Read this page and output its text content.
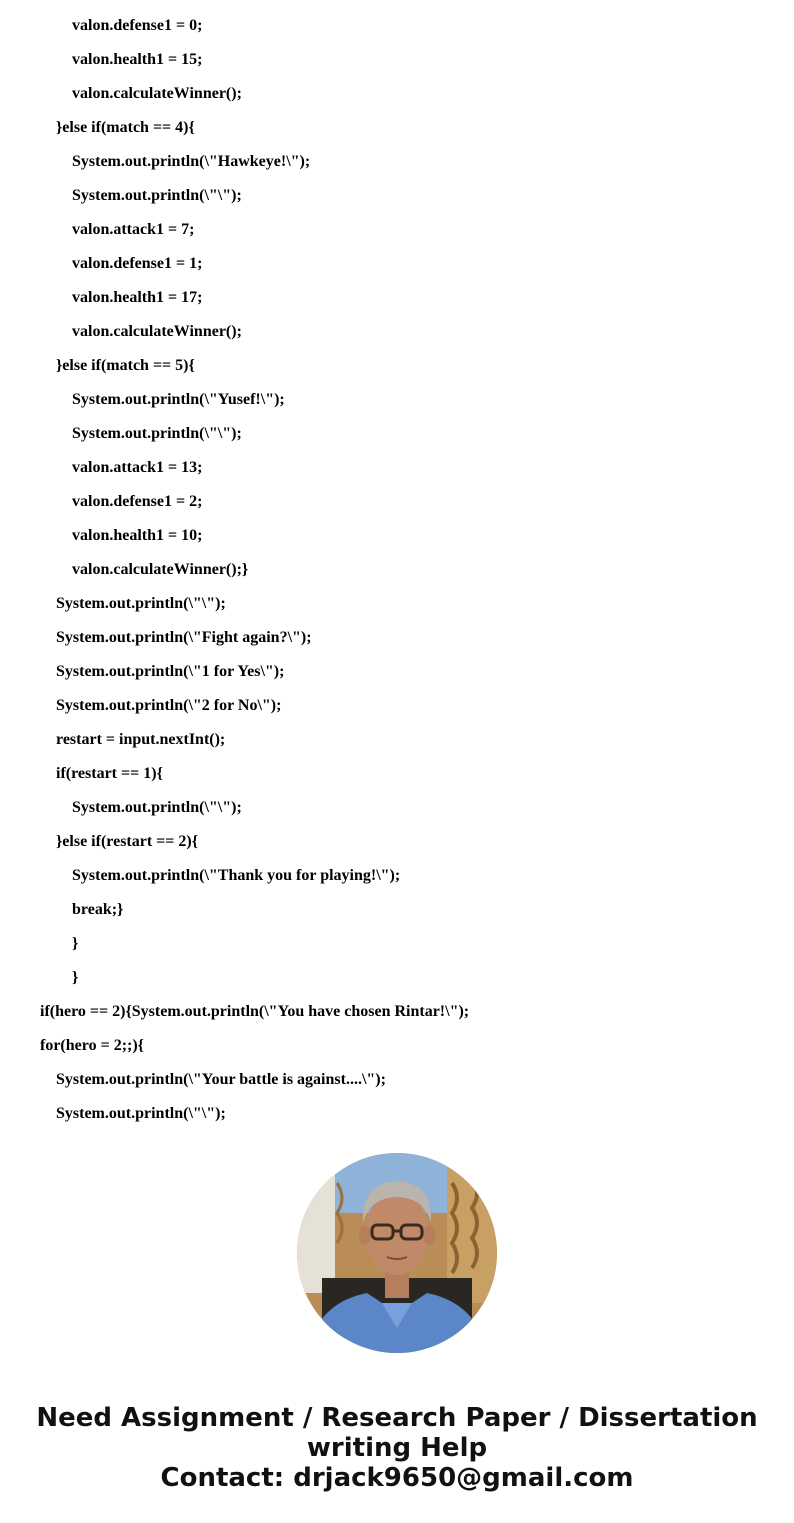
valon.defense1 = 0;
valon.health1 = 15;
valon.calculateWinner();
}else if(match == 4){
System.out.println(\"Hawkeye!\");
System.out.println(\"\");
valon.attack1 = 7;
valon.defense1 = 1;
valon.health1 = 17;
valon.calculateWinner();
}else if(match == 5){
System.out.println(\"Yusef!\");
System.out.println(\"\");
valon.attack1 = 13;
valon.defense1 = 2;
valon.health1 = 10;
valon.calculateWinner();}
System.out.println(\"\");
System.out.println(\"Fight again?\");
System.out.println(\"1 for Yes\");
System.out.println(\"2 for No\");
restart = input.nextInt();
if(restart == 1){
System.out.println(\"\");
}else if(restart == 2){
System.out.println(\"Thank you for playing!\");
break;}
}
}
if(hero == 2){System.out.println(\"You have chosen Rintar!\");
for(hero = 2;;){
System.out.println(\"Your battle is against....\");
System.out.println(\"\");
Need Assignment / Research Paper / Dissertation
writing Help
Contact: drjack9650@gmail.com
